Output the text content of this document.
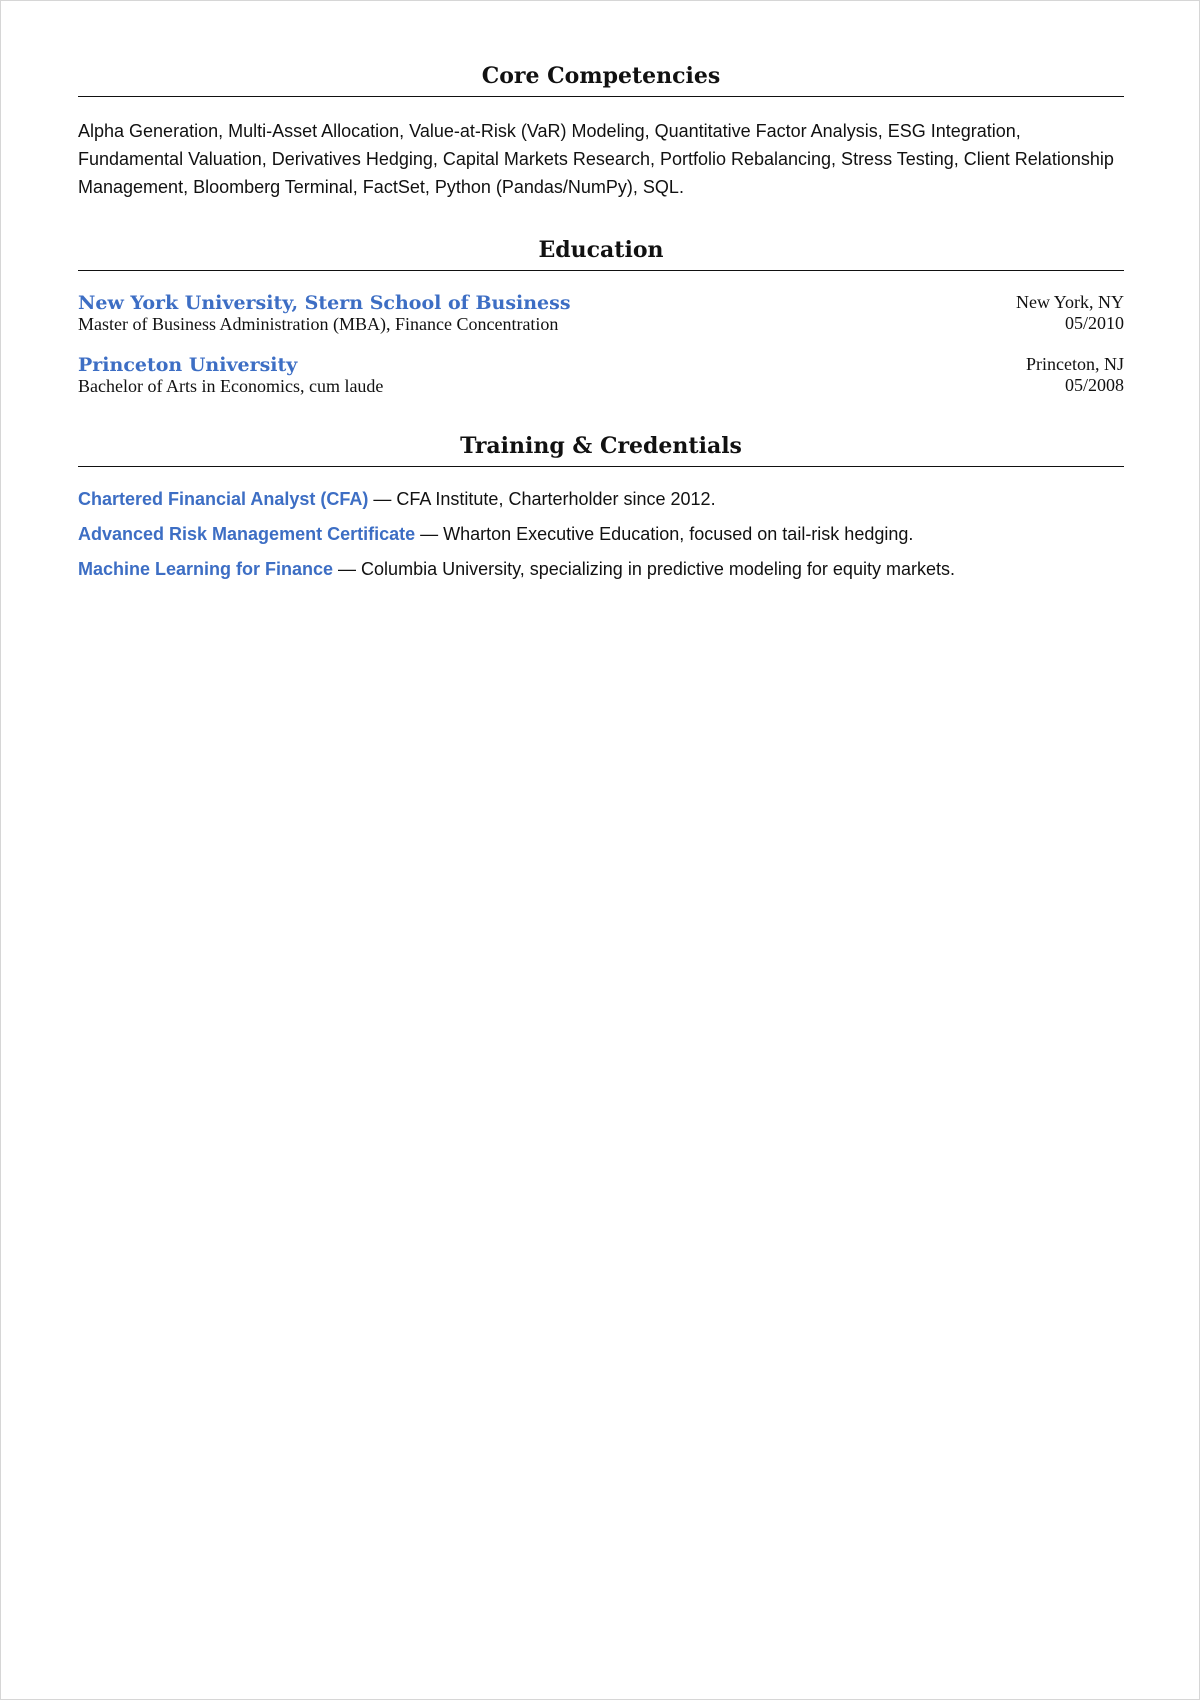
Core Competencies

Alpha Generation, Multi-Asset Allocation, Value-at-Risk (VaR) Modeling, Quantitative Factor Analysis, ESG Integration, Fundamental Valuation, Derivatives Hedging, Capital Markets Research, Portfolio Rebalancing, Stress Testing, Client Relationship Management, Bloomberg Terminal, FactSet, Python (Pandas/NumPy), SQL.

Education
New York University, Stern School of Business
Master of Business Administration (MBA), Finance Concentration
New York, NY
05/2010
Princeton University
Bachelor of Arts in Economics, cum laude
Princeton, NJ
05/2008
Training & Credentials
Chartered Financial Analyst (CFA) — CFA Institute, Charterholder since 2012.
Advanced Risk Management Certificate — Wharton Executive Education, focused on tail-risk hedging.
Machine Learning for Finance — Columbia University, specializing in predictive modeling for equity markets.
